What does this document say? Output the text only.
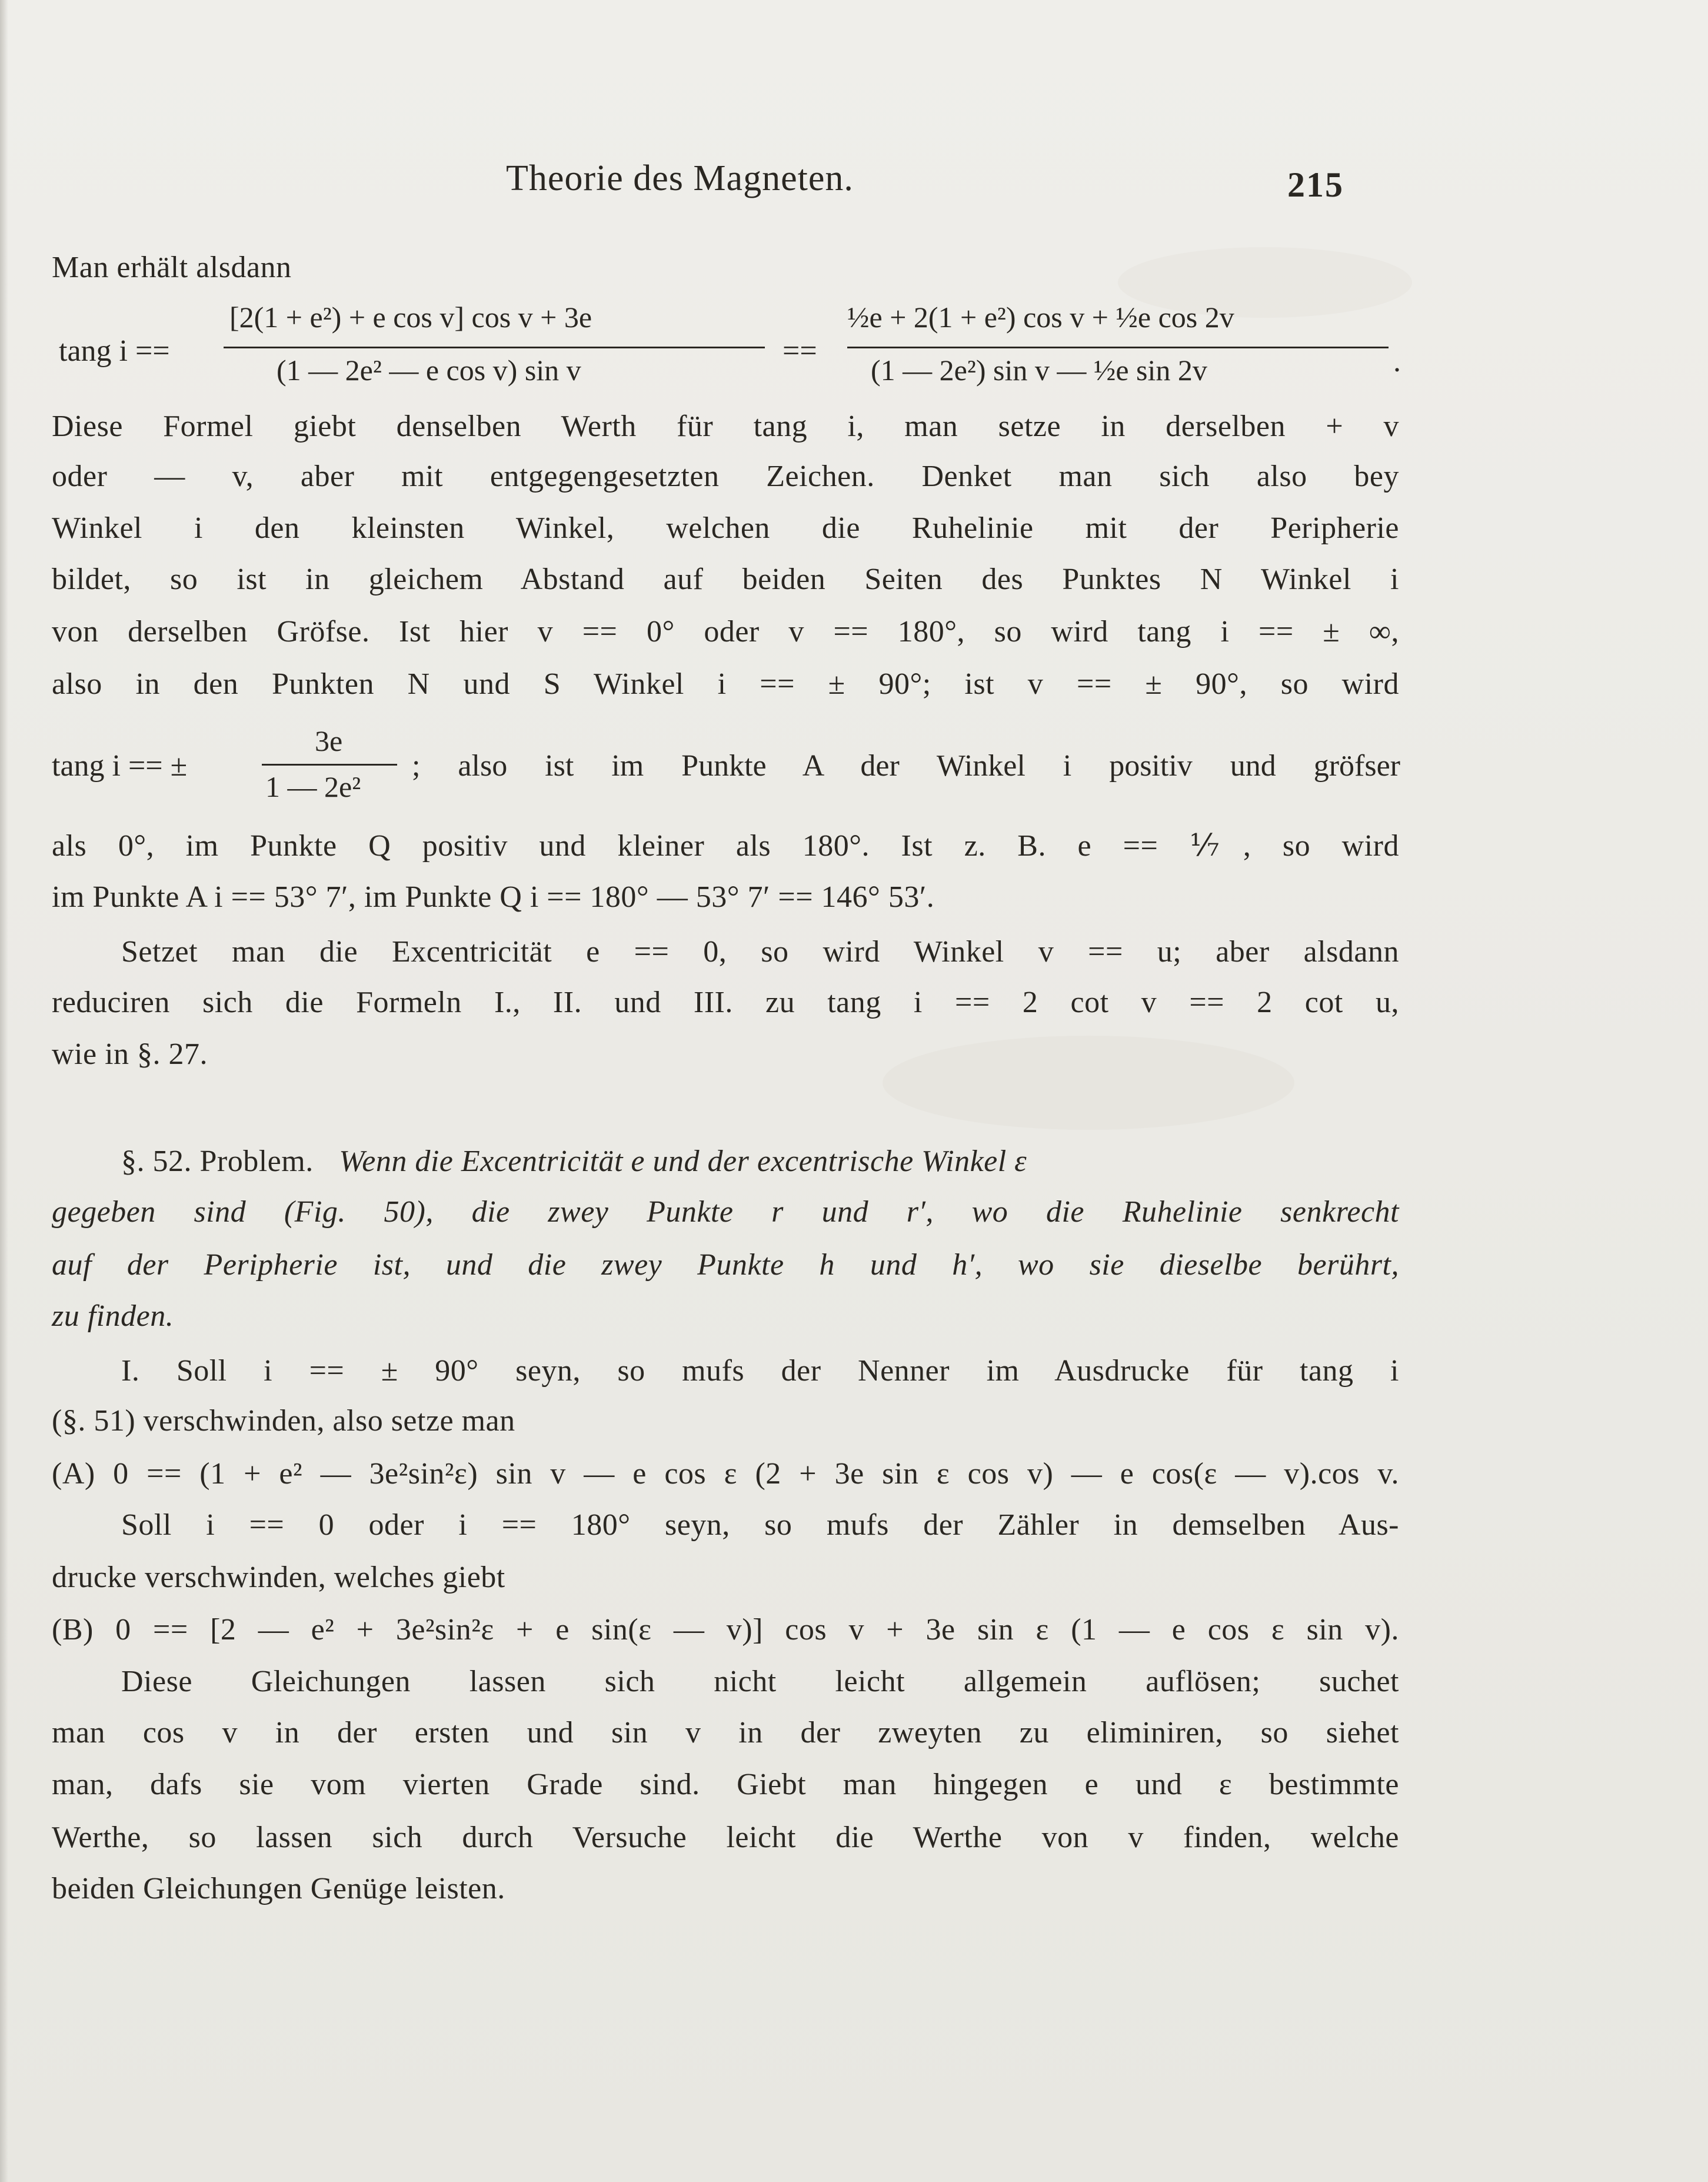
Theorie des Magneten.	215
Man erhält alsdann
tang i ==
[2(1 + e²) + e cos v] cos v + 3e
(1 — 2e² — e cos v) sin v
==
½e + 2(1 + e²) cos v + ½e cos 2v
(1 — 2e²) sin v — ½e sin 2v	.
Diese Formel giebt denselben Werth für tang i, man setze in derselben + v
oder — v, aber mit entgegengesetzten Zeichen. Denket man sich also bey
Winkel i den kleinsten Winkel, welchen die Ruhelinie mit der Peripherie
bildet, so ist in gleichem Abstand auf beiden Seiten des Punktes N Winkel i
von derselben Gröfse. Ist hier v == 0° oder v == 180°, so wird tang i == ± ∞,
also in den Punkten N und S Winkel i == ± 90°; ist v == ± 90°, so wird
tang i == ±
3e
1 — 2e²
; also ist im Punkte A der Winkel i positiv und gröfser
als 0°, im Punkte Q positiv und kleiner als 180°. Ist z. B. e == ⅐, so wird
im Punkte A i == 53° 7′, im Punkte Q i == 180° — 53° 7′ == 146° 53′.
Setzet man die Excentricität e == 0, so wird Winkel v == u; aber alsdann
reduciren sich die Formeln I., II. und III. zu tang i == 2 cot v == 2 cot u,
wie in §. 27.
§. 52. Problem. Wenn die Excentricität e und der excentrische Winkel ε
gegeben sind (Fig. 50), die zwey Punkte r und r′, wo die Ruhelinie senkrecht
auf der Peripherie ist, und die zwey Punkte h und h′, wo sie dieselbe berührt,
zu finden.
I. Soll i == ± 90° seyn, so mufs der Nenner im Ausdrucke für tang i
(§. 51) verschwinden, also setze man
(A) 0 == (1 + e² — 3e²sin²ε) sin v — e cos ε (2 + 3e sin ε cos v) — e cos(ε — v).cos v.
Soll i == 0 oder i == 180° seyn, so mufs der Zähler in demselben Aus-
drucke verschwinden, welches giebt
(B) 0 == [2 — e² + 3e²sin²ε + e sin(ε — v)] cos v + 3e sin ε (1 — e cos ε sin v).
Diese Gleichungen lassen sich nicht leicht allgemein auflösen; suchet
man cos v in der ersten und sin v in der zweyten zu eliminiren, so siehet
man, dafs sie vom vierten Grade sind. Giebt man hingegen e und ε bestimmte
Werthe, so lassen sich durch Versuche leicht die Werthe von v finden, welche
beiden Gleichungen Genüge leisten.
